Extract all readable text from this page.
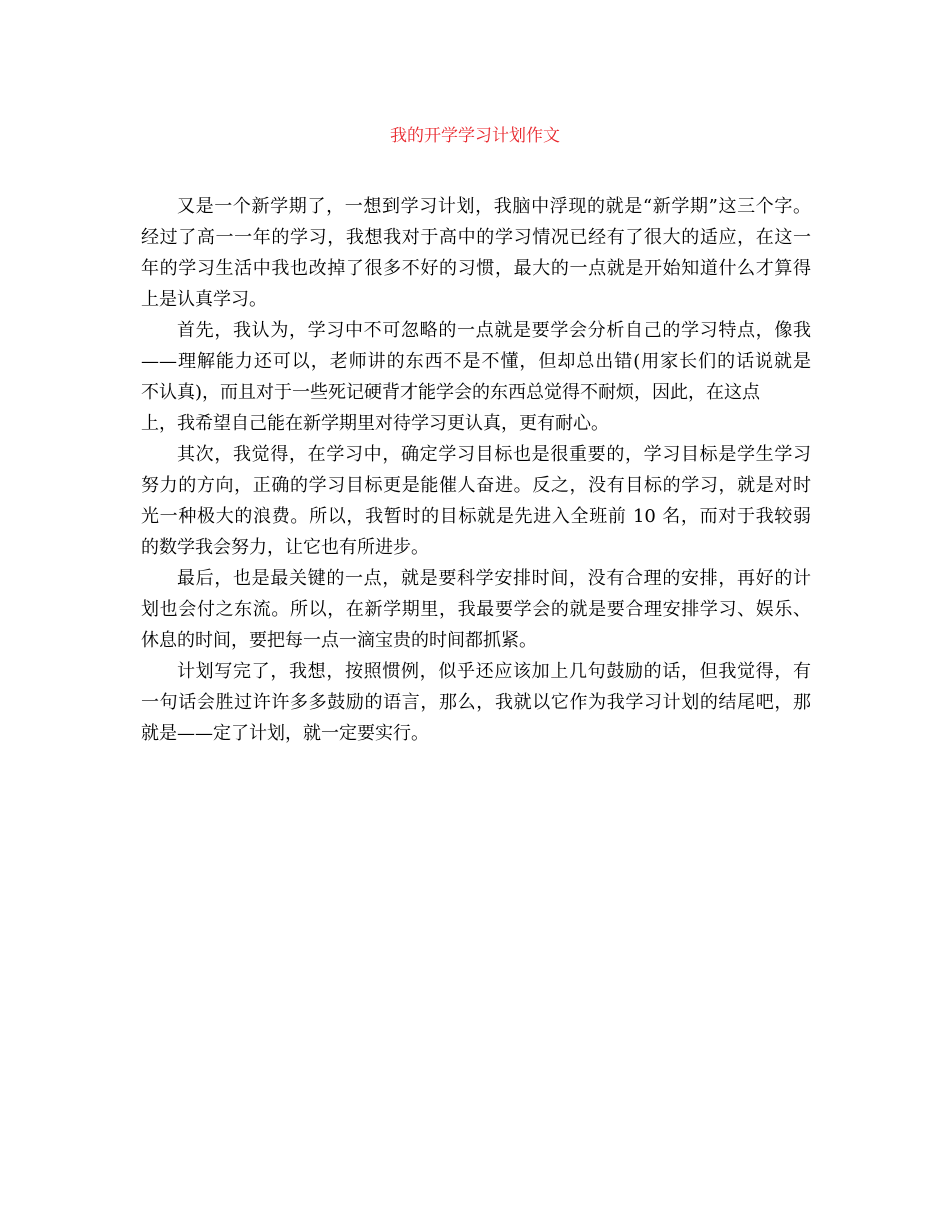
我的开学学习计划作文

又是一个新学期了，一想到学习计划，我脑中浮现的就是“新学期”这三个字。
经过了高一一年的学习，我想我对于高中的学习情况已经有了很大的适应，在这一
年的学习生活中我也改掉了很多不好的习惯，最大的一点就是开始知道什么才算得
上是认真学习。

首先，我认为，学习中不可忽略的一点就是要学会分析自己的学习特点，像我
——理解能力还可以，老师讲的东西不是不懂，但却总出错(用家长们的话说就是
不认真)，而且对于一些死记硬背才能学会的东西总觉得不耐烦，因此，在这点
上，我希望自己能在新学期里对待学习更认真，更有耐心。

其次，我觉得，在学习中，确定学习目标也是很重要的，学习目标是学生学习
努力的方向，正确的学习目标更是能催人奋进。反之，没有目标的学习，就是对时
光一种极大的浪费。所以，我暂时的目标就是先进入全班前 10 名，而对于我较弱
的数学我会努力，让它也有所进步。

最后，也是最关键的一点，就是要科学安排时间，没有合理的安排，再好的计
划也会付之东流。所以，在新学期里，我最要学会的就是要合理安排学习、娱乐、
休息的时间，要把每一点一滴宝贵的时间都抓紧。

计划写完了，我想，按照惯例，似乎还应该加上几句鼓励的话，但我觉得，有
一句话会胜过许许多多鼓励的语言，那么，我就以它作为我学习计划的结尾吧，那
就是——定了计划，就一定要实行。
